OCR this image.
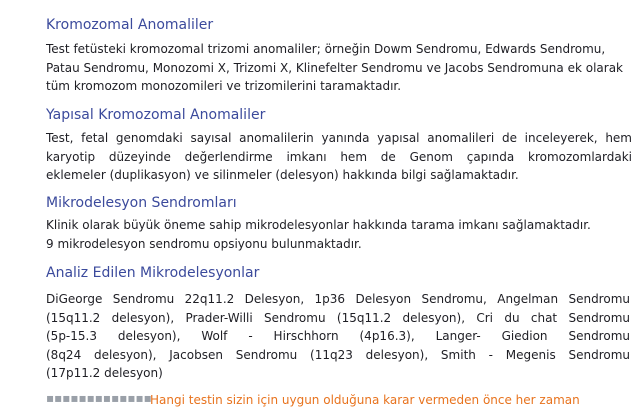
Kromozomal Anomaliler
Test fetüsteki kromozomal trizomi anomaliler; örneğin Dowm Sendromu, Edwards Sendromu,
Patau Sendromu, Monozomi X, Trizomi X, Klinefelter Sendromu ve Jacobs Sendromuna ek olarak
tüm kromozom monozomileri ve trizomilerini taramaktadır.
Yapısal Kromozomal Anomaliler
Test, fetal genomdaki sayısal anomalilerin yanında yapısal anomalileri de inceleyerek, hem
karyotip düzeyinde değerlendirme imkanı hem de Genom çapında kromozomlardaki
eklemeler (duplikasyon) ve silinmeler (delesyon) hakkında bilgi sağlamaktadır.
Mikrodelesyon Sendromları
Klinik olarak büyük öneme sahip mikrodelesyonlar hakkında tarama imkanı sağlamaktadır.
9 mikrodelesyon sendromu opsiyonu bulunmaktadır.
Analiz Edilen Mikrodelesyonlar
DiGeorge Sendromu 22q11.2 Delesyon, 1p36 Delesyon Sendromu, Angelman Sendromu
(15q11.2 delesyon), Prader-Willi Sendromu (15q11.2 delesyon), Cri du chat Sendromu
(5p-15.3 delesyon), Wolf - Hirschhorn (4p16.3), Langer- Giedion Sendromu
(8q24 delesyon), Jacobsen Sendromu (11q23 delesyon), Smith - Megenis Sendromu
(17p11.2 delesyon)
▪▪▪▪▪▪▪▪▪▪▪▪▪
Hangi testin sizin için uygun olduğuna karar vermeden önce her zaman
